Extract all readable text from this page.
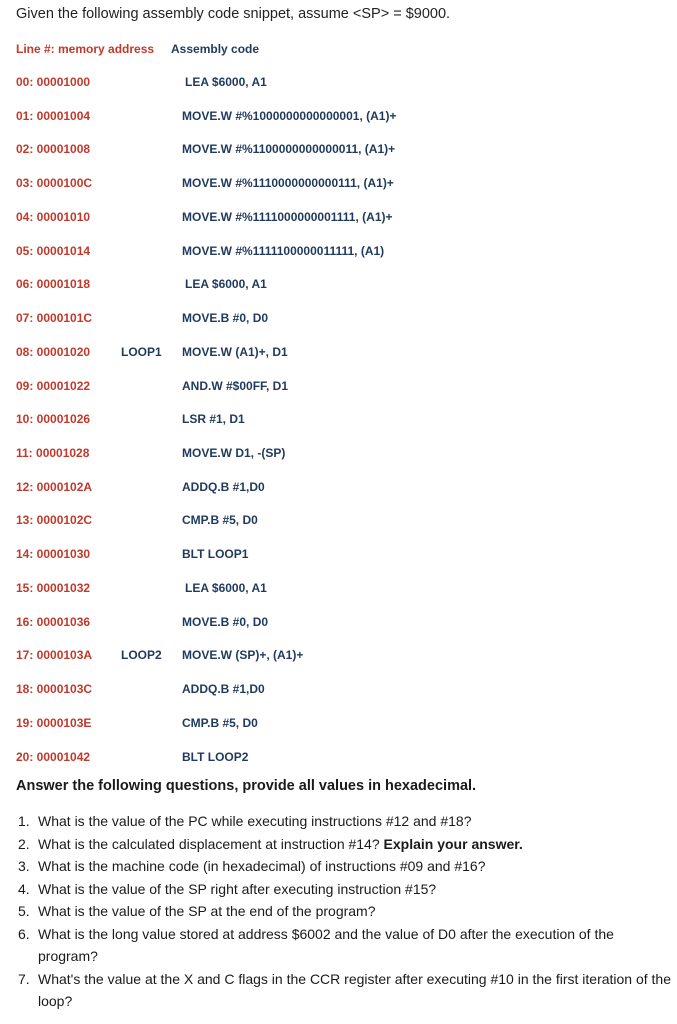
Given the following assembly code snippet, assume <SP> = $9000.
Line #: memory address Assembly code
00: 00001000	LEA $6000, A1
01: 00001004	MOVE.W #%1000000000000001, (A1)+
02: 00001008	MOVE.W #%1100000000000011, (A1)+
03: 0000100C	MOVE.W #%1110000000000111, (A1)+
04: 00001010	MOVE.W #%1111000000001111, (A1)+
05: 00001014	MOVE.W #%1111100000011111, (A1)
06: 00001018	LEA $6000, A1
07: 0000101C	MOVE.B #0, D0
08: 00001020	LOOP1 MOVE.W (A1)+, D1
09: 00001022	AND.W #$00FF, D1
10: 00001026	LSR #1, D1
11: 00001028	MOVE.W D1, -(SP)
12: 0000102A	ADDQ.B #1,D0
13: 0000102C	CMP.B #5, D0
14: 00001030	BLT LOOP1
15: 00001032	LEA $6000, A1
16: 00001036	MOVE.B #0, D0
17: 0000103A LOOP2 MOVE.W (SP)+, (A1)+
18: 0000103C	ADDQ.B #1,D0
19: 0000103E	CMP.B #5, D0
20: 00001042	BLT LOOP2
Answer the following questions, provide all values in hexadecimal.
1. What is the value of the PC while executing instructions #12 and #18?
2. What is the calculated displacement at instruction #14? Explain your answer.
3. What is the machine code (in hexadecimal) of instructions #09 and #16?
4. What is the value of the SP right after executing instruction #15?
5. What is the value of the SP at the end of the program?
6. What is the long value stored at address $6002 and the value of D0 after the execution of the program?
7. What's the value at the X and C flags in the CCR register after executing #10 in the first iteration of the loop?
